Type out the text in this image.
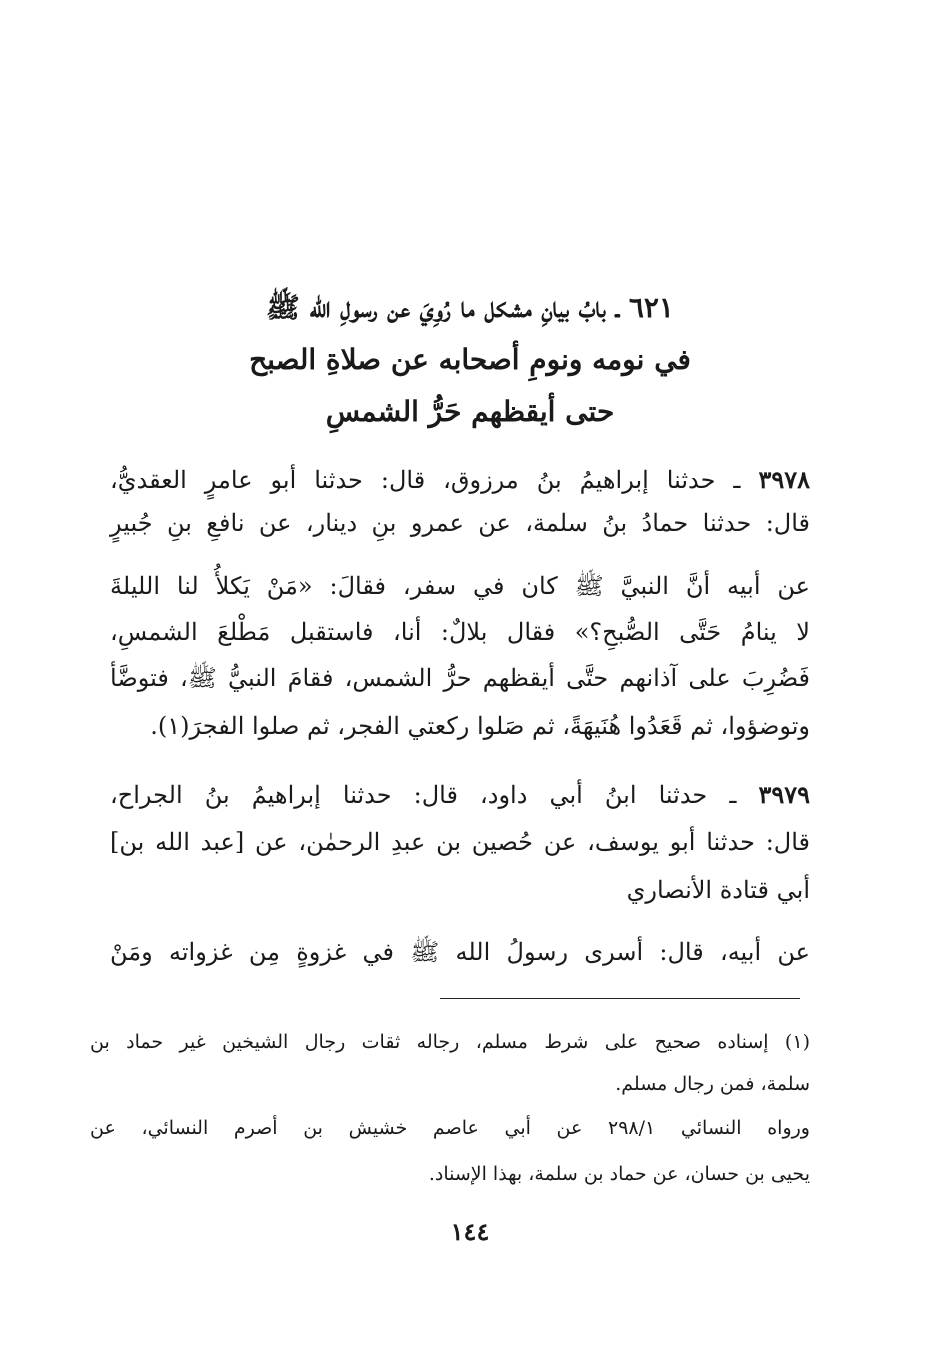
٦٢١ ـ بابُ بيانِ مشكل ما رُوِيَ عن رسولِ الله ﷺ
في نومه ونومِ أصحابه عن صلاةِ الصبح
حتى أيقظهم حَرُّ الشمسِ
٣٩٧٨ ـ حدثنا إبراهيمُ بنُ مرزوق، قال: حدثنا أبو عامرٍ العقديُّ،
قال: حدثنا حمادُ بنُ سلمة، عن عمرو بنِ دينار، عن نافعِ بنِ جُبيرٍ
عن أبيه أنَّ النبيَّ ﷺ كان في سفر، فقالَ: «مَنْ يَكلأُ لنا الليلةَ
لا ينامُ حَتَّى الصُّبحِ؟» فقال بلالٌ: أنا، فاستقبل مَطْلعَ الشمسِ،
فَضُرِبَ على آذانهم حتَّى أيقظهم حرُّ الشمس، فقامَ النبيُّ ﷺ، فتوضَّأ
وتوضؤوا، ثم قَعَدُوا هُنَيهَةً، ثم صَلوا ركعتي الفجر، ثم صلوا الفجرَ(١).
٣٩٧٩ ـ حدثنا ابنُ أبي داود، قال: حدثنا إبراهيمُ بنُ الجراح،
قال: حدثنا أبو يوسف، عن حُصين بن عبدِ الرحمٰن، عن [عبد الله بن]
أبي قتادة الأنصاري
عن أبيه، قال: أسرى رسولُ الله ﷺ في غزوةٍ مِن غزواته ومَنْ
(١) إسناده صحيح على شرط مسلم، رجاله ثقات رجال الشيخين غير حماد بن
سلمة، فمن رجال مسلم.
ورواه النسائي ٢٩٨/١ عن أبي عاصم خشيش بن أصرم النسائي، عن
يحيى بن حسان، عن حماد بن سلمة، بهذا الإسناد.
١٤٤
